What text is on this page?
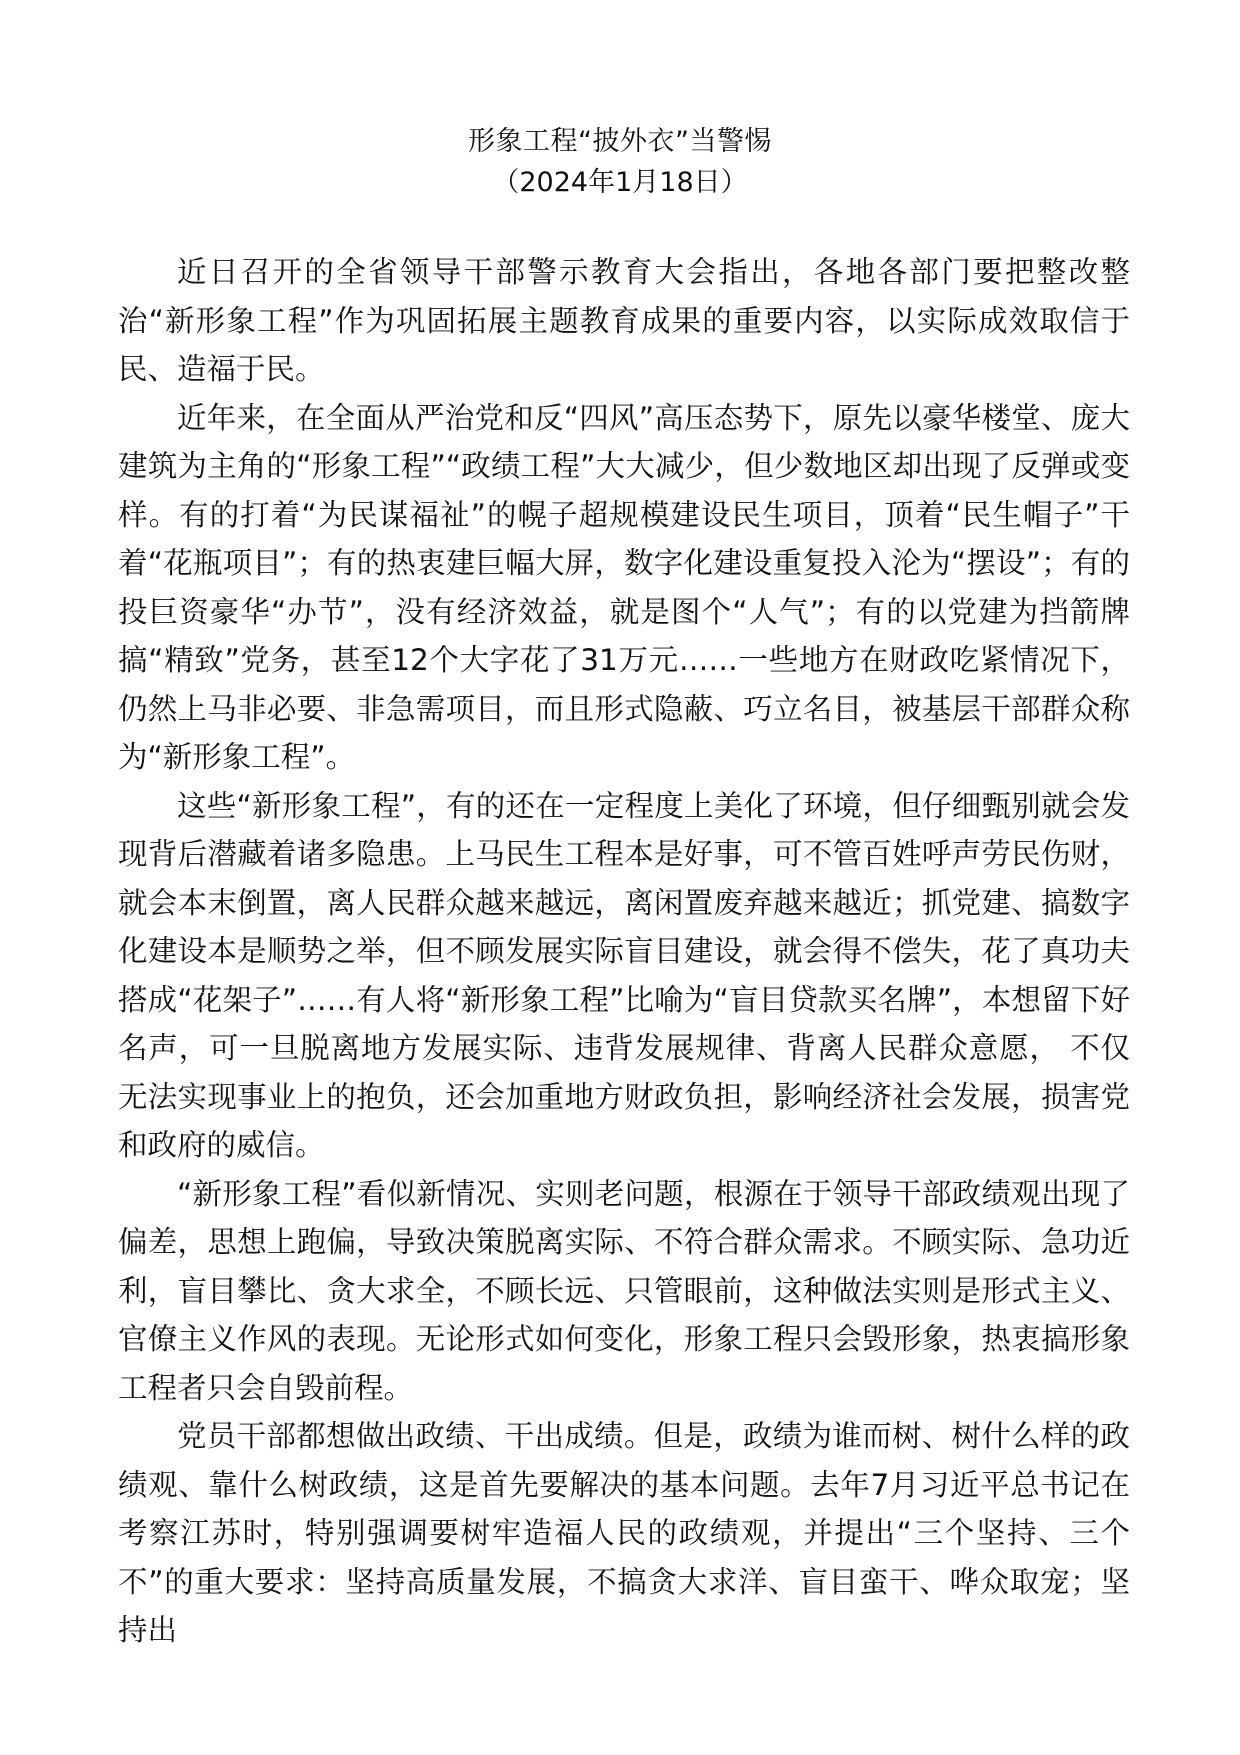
形象工程“披外衣”当警惕
（2024年1月18日）

近日召开的全省领导干部警示教育大会指出，各地各部门要把整改整治“新形象工程”作为巩固拓展主题教育成果的重要内容，以实际成效取信于民、造福于民。

近年来，在全面从严治党和反“四风”高压态势下，原先以豪华楼堂、庞大建筑为主角的“形象工程”“政绩工程”大大减少，但少数地区却出现了反弹或变样。有的打着“为民谋福祉”的幌子超规模建设民生项目，顶着“民生帽子”干着“花瓶项目”；有的热衷建巨幅大屏，数字化建设重复投入沦为“摆设”；有的投巨资豪华“办节”，没有经济效益，就是图个“人气”；有的以党建为挡箭牌搞“精致”党务，甚至12个大字花了31万元……一些地方在财政吃紧情况下，仍然上马非必要、非急需项目，而且形式隐蔽、巧立名目，被基层干部群众称为“新形象工程”。

这些“新形象工程”，有的还在一定程度上美化了环境，但仔细甄别就会发现背后潜藏着诸多隐患。上马民生工程本是好事，可不管百姓呼声劳民伤财，就会本末倒置，离人民群众越来越远，离闲置废弃越来越近；抓党建、搞数字化建设本是顺势之举，但不顾发展实际盲目建设，就会得不偿失，花了真功夫搭成“花架子”……有人将“新形象工程”比喻为“盲目贷款买名牌”，本想留下好名声，可一旦脱离地方发展实际、违背发展规律、背离人民群众意愿， 不仅无法实现事业上的抱负，还会加重地方财政负担，影响经济社会发展，损害党和政府的威信。

“新形象工程”看似新情况、实则老问题，根源在于领导干部政绩观出现了偏差，思想上跑偏，导致决策脱离实际、不符合群众需求。不顾实际、急功近利，盲目攀比、贪大求全，不顾长远、只管眼前，这种做法实则是形式主义、官僚主义作风的表现。无论形式如何变化，形象工程只会毁形象，热衷搞形象工程者只会自毁前程。

党员干部都想做出政绩、干出成绩。但是，政绩为谁而树、树什么样的政绩观、靠什么树政绩，这是首先要解决的基本问题。去年7月习近平总书记在考察江苏时，特别强调要树牢造福人民的政绩观，并提出“三个坚持、三个不”的重大要求：坚持高质量发展，不搞贪大求洋、盲目蛮干、哗众取宠；坚持出
